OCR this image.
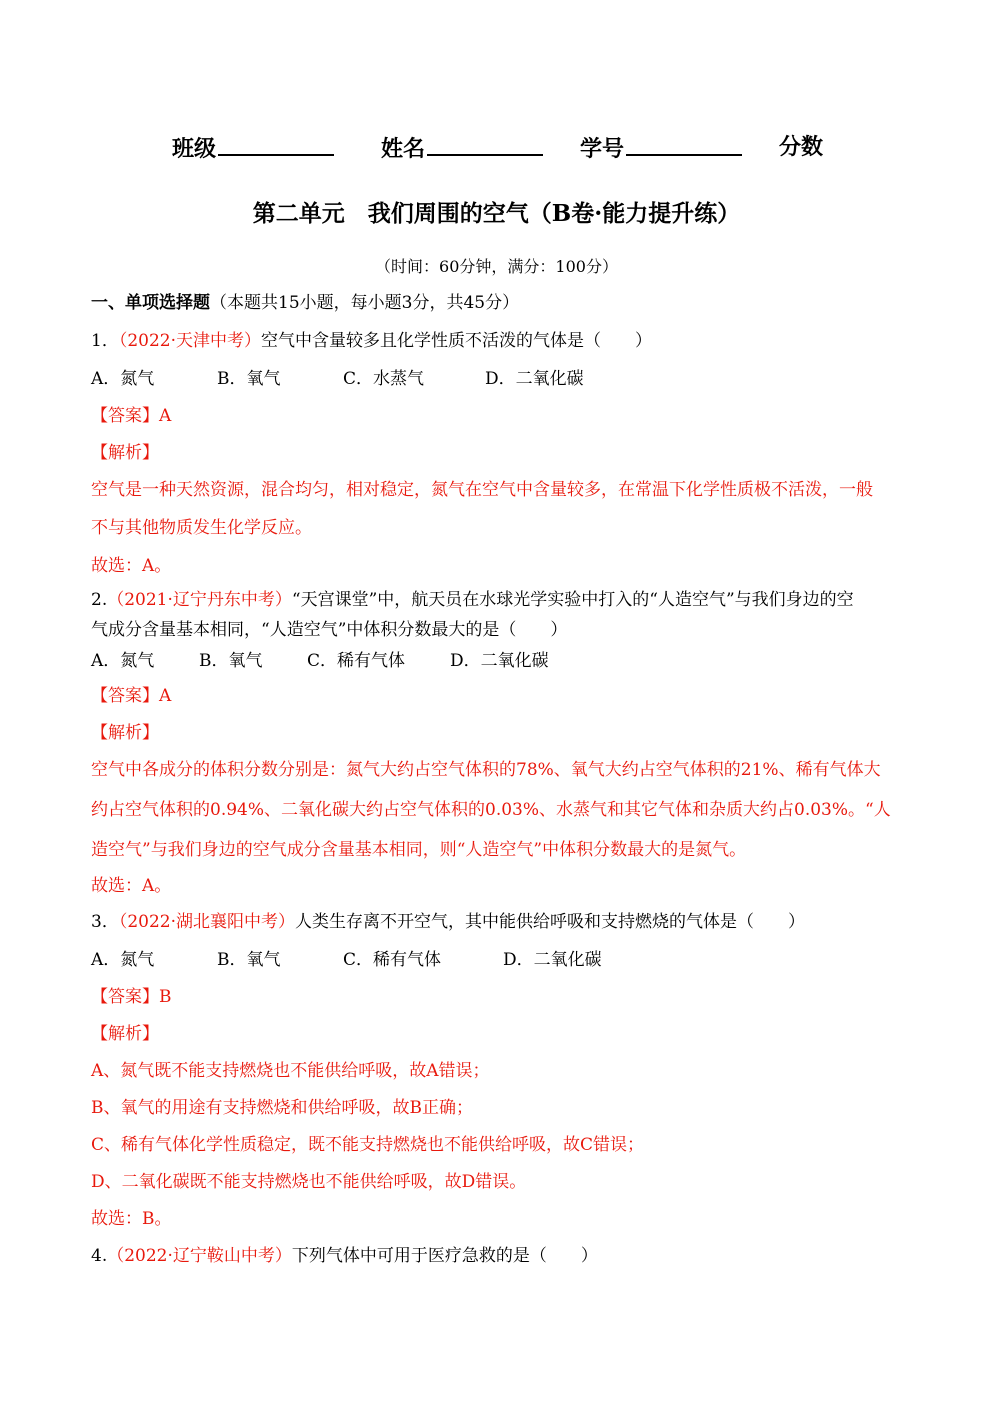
班级	姓名	学号	分数
第二单元　我们周围的空气（B卷·能力提升练）
（时间：60分钟，满分：100分）
一、单项选择题（本题共15小题，每小题3分，共45分）
1．（2022·天津中考）空气中含量较多且化学性质不活泼的气体是（　　）
A．氮气	B．氧气	C．水蒸气	D．二氧化碳
【答案】A
【解析】
空气是一种天然资源，混合均匀，相对稳定，氮气在空气中含量较多，在常温下化学性质极不活泼，一般
不与其他物质发生化学反应。
故选：A。
2.（2021·辽宁丹东中考）“天宫课堂”中，航天员在水球光学实验中打入的“人造空气”与我们身边的空
气成分含量基本相同，“人造空气”中体积分数最大的是（　　）
A．氮气	B．氧气	C．稀有气体	D．二氧化碳
【答案】A
【解析】
空气中各成分的体积分数分别是：氮气大约占空气体积的78%、氧气大约占空气体积的21%、稀有气体大
约占空气体积的0.94%、二氧化碳大约占空气体积的0.03%、水蒸气和其它气体和杂质大约占0.03%。“人
造空气”与我们身边的空气成分含量基本相同，则“人造空气”中体积分数最大的是氮气。
故选：A。
3．（2022·湖北襄阳中考）人类生存离不开空气，其中能供给呼吸和支持燃烧的气体是（　　）
A．氮气	B．氧气	C．稀有气体	D．二氧化碳
【答案】B
【解析】
A、氮气既不能支持燃烧也不能供给呼吸，故A错误；
B、氧气的用途有支持燃烧和供给呼吸，故B正确；
C、稀有气体化学性质稳定，既不能支持燃烧也不能供给呼吸，故C错误；
D、二氧化碳既不能支持燃烧也不能供给呼吸，故D错误。
故选：B。
4.（2022·辽宁鞍山中考）下列气体中可用于医疗急救的是（　　）
